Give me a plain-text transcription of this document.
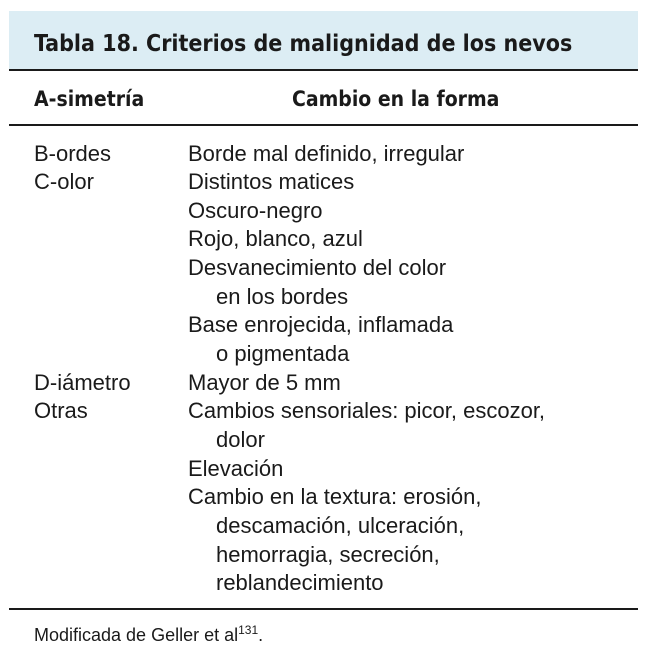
Tabla 18. Criterios de malignidad de los nevos
A-simetría	Cambio en la forma
B-ordes
C-olor
D-iámetro
Otras
Borde mal definido, irregular
Distintos matices
Oscuro-negro
Rojo, blanco, azul
Desvanecimiento del color
en los bordes
Base enrojecida, inflamada
o pigmentada
Mayor de 5 mm
Cambios sensoriales: picor, escozor,
dolor
Elevación
Cambio en la textura: erosión,
descamación, ulceración,
hemorragia, secreción,
reblandecimiento
Modificada de Geller et $al^{131}$.
